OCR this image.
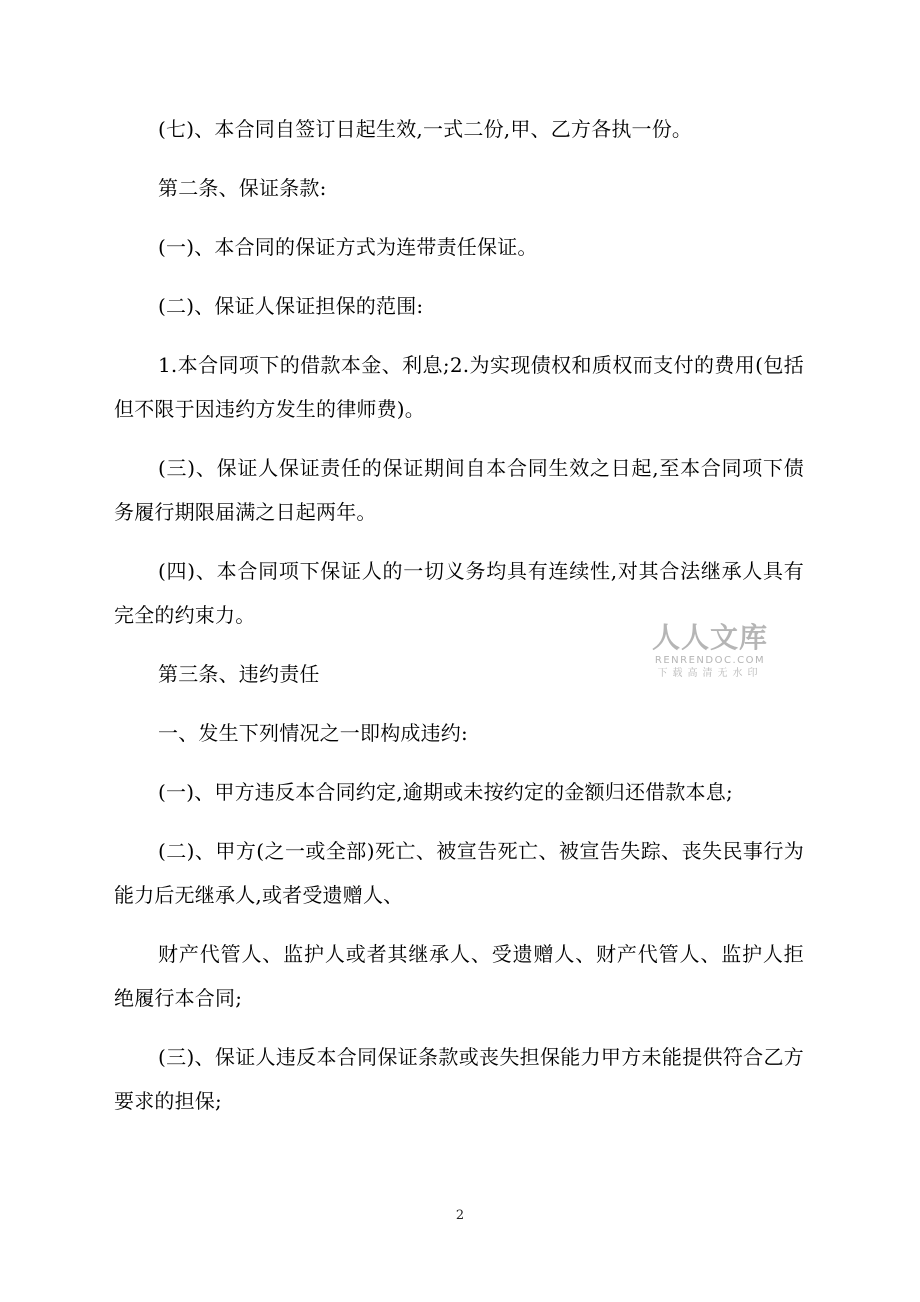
(七)、本合同自签订日起生效,一式二份,甲、乙方各执一份。

第二条、保证条款:

(一)、本合同的保证方式为连带责任保证。

(二)、保证人保证担保的范围:

1.本合同项下的借款本金、利息;2.为实现债权和质权而支付的费用(包括但不限于因违约方发生的律师费)。

(三)、保证人保证责任的保证期间自本合同生效之日起,至本合同项下债务履行期限届满之日起两年。

(四)、本合同项下保证人的一切义务均具有连续性,对其合法继承人具有完全的约束力。

第三条、违约责任

一、发生下列情况之一即构成违约:

(一)、甲方违反本合同约定,逾期或未按约定的金额归还借款本息;

(二)、甲方(之一或全部)死亡、被宣告死亡、被宣告失踪、丧失民事行为能力后无继承人,或者受遗赠人、

财产代管人、监护人或者其继承人、受遗赠人、财产代管人、监护人拒绝履行本合同;

(三)、保证人违反本合同保证条款或丧失担保能力甲方未能提供符合乙方要求的担保;

人人文库
RENRENDOC.COM
下载高清无水印
2
